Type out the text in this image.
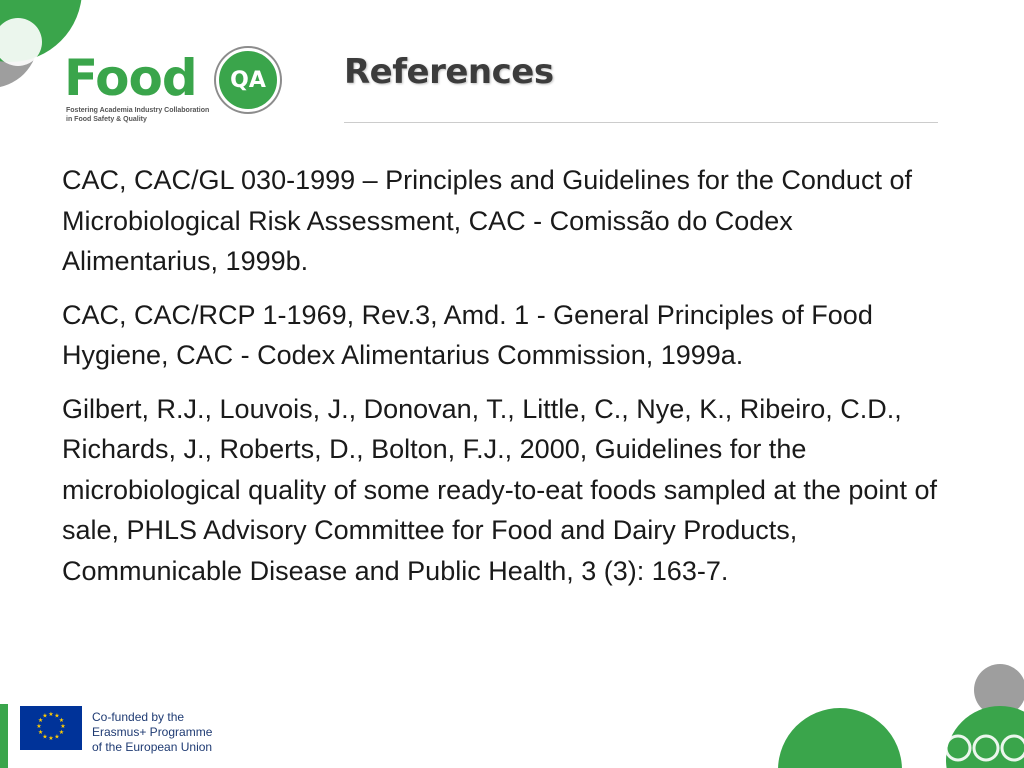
Food	QA
Fostering Academia Industry Collaboration
in Food Safety & Quality
References

CAC, CAC/GL 030-1999 – Principles and Guidelines for the Conduct of Microbiological Risk Assessment, CAC - Comissão do Codex Alimentarius, 1999b.

CAC, CAC/RCP 1-1969, Rev.3, Amd. 1 - General Principles of Food Hygiene, CAC - Codex Alimentarius Commission, 1999a.

Gilbert, R.J., Louvois, J., Donovan, T., Little, C., Nye, K., Ribeiro, C.D., Richards, J., Roberts, D., Bolton, F.J., 2000, Guidelines for the microbiological quality of some ready-to-eat foods sampled at the point of sale, PHLS Advisory Committee for Food and Dairy Products, Communicable Disease and Public Health, 3 (3): 163-7.

★ ★
★
★
★
★
★
★
★
★
★
★	Co-funded by the
Erasmus+ Programme
of the European Union
